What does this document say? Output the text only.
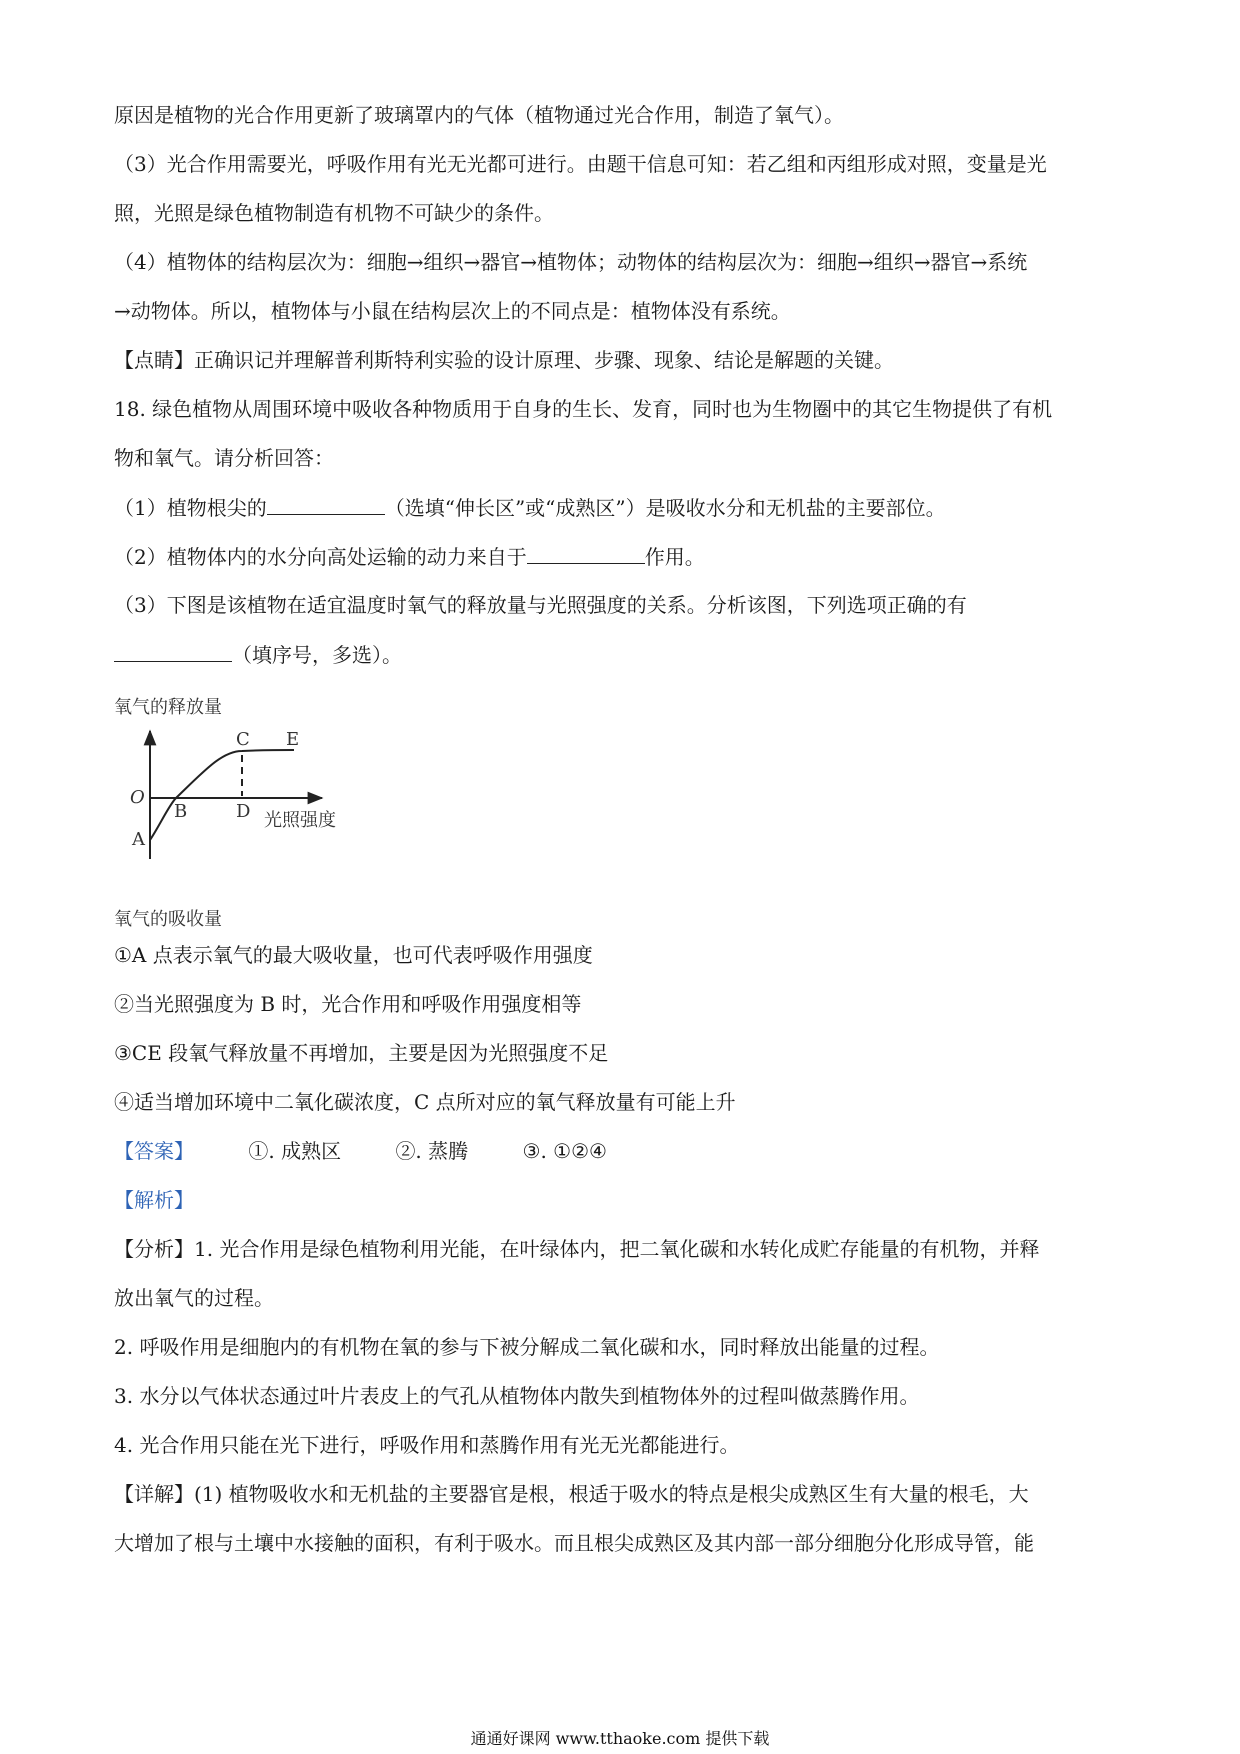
原因是植物的光合作用更新了玻璃罩内的气体（植物通过光合作用，制造了氧气）。

（3）光合作用需要光，呼吸作用有光无光都可进行。由题干信息可知：若乙组和丙组形成对照，变量是光

照，光照是绿色植物制造有机物不可缺少的条件。

（4）植物体的结构层次为：细胞→组织→器官→植物体；动物体的结构层次为：细胞→组织→器官→系统

→动物体。所以，植物体与小鼠在结构层次上的不同点是：植物体没有系统。

【点睛】正确识记并理解普利斯特利实验的设计原理、步骤、现象、结论是解题的关键。

18. 绿色植物从周围环境中吸收各种物质用于自身的生长、发育，同时也为生物圈中的其它生物提供了有机

物和氧气。请分析回答：

（1）植物根尖的	（选填“伸长区”或“成熟区”）是吸收水分和无机盐的主要部位。

（2）植物体内的水分向高处运输的动力来自于	作用。

（3）下图是该植物在适宜温度时氧气的释放量与光照强度的关系。分析该图，下列选项正确的有

（填序号，多选）。

氧气的释放量
氧气的吸收量
光照强度
O
A
B
C
D
E

①A 点表示氧气的最大吸收量，也可代表呼吸作用强度

②当光照强度为 B 时，光合作用和呼吸作用强度相等

③CE 段氧气释放量不再增加，主要是因为光照强度不足

④适当增加环境中二氧化碳浓度，C 点所对应的氧气释放量有可能上升

【答案】	①. 成熟区	②. 蒸腾	③. ①②④

【解析】

【分析】1. 光合作用是绿色植物利用光能，在叶绿体内，把二氧化碳和水转化成贮存能量的有机物，并释

放出氧气的过程。

2. 呼吸作用是细胞内的有机物在氧的参与下被分解成二氧化碳和水，同时释放出能量的过程。

3. 水分以气体状态通过叶片表皮上的气孔从植物体内散失到植物体外的过程叫做蒸腾作用。

4. 光合作用只能在光下进行，呼吸作用和蒸腾作用有光无光都能进行。

【详解】(1) 植物吸收水和无机盐的主要器官是根，根适于吸水的特点是根尖成熟区生有大量的根毛，大

大增加了根与土壤中水接触的面积，有利于吸水。而且根尖成熟区及其内部一部分细胞分化形成导管，能

通通好课网 www.tthaoke.com 提供下载
